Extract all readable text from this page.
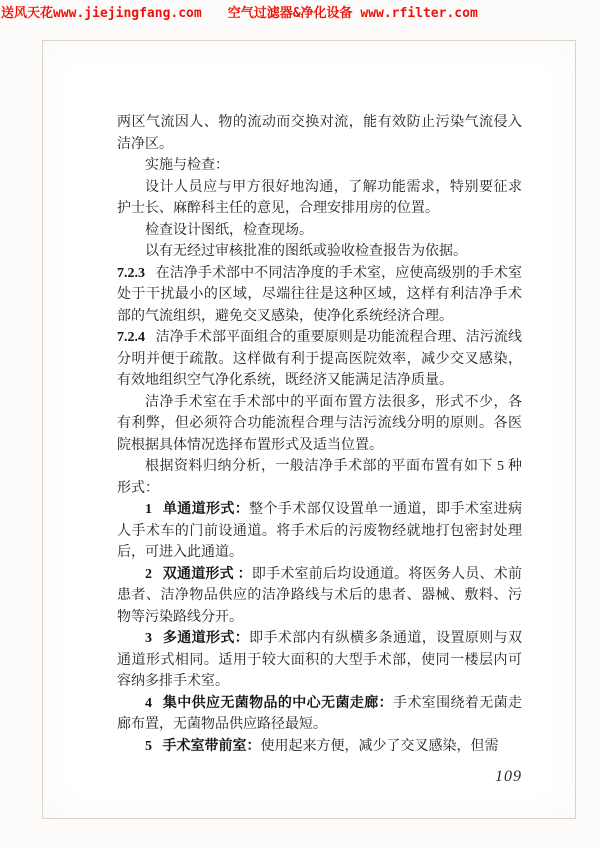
送风天花www.jiejingfang.com 空气过滤器&净化设备 www.rfilter.com

两区气流因人、物的流动而交换对流，能有效防止污染气流侵入洁净区。

实施与检查：

设计人员应与甲方很好地沟通，了解功能需求，特别要征求护士长、麻醉科主任的意见，合理安排用房的位置。

检查设计图纸，检查现场。

以有无经过审核批准的图纸或验收检查报告为依据。

7.2.3 在洁净手术部中不同洁净度的手术室，应使高级别的手术室处于干扰最小的区域，尽端往往是这种区域，这样有利洁净手术部的气流组织，避免交叉感染，使净化系统经济合理。

7.2.4 洁净手术部平面组合的重要原则是功能流程合理、洁污流线分明并便于疏散。这样做有利于提高医院效率，减少交叉感染，有效地组织空气净化系统，既经济又能满足洁净质量。

洁净手术室在手术部中的平面布置方法很多，形式不少，各有利弊，但必须符合功能流程合理与洁污流线分明的原则。各医院根据具体情况选择布置形式及适当位置。

根据资料归纳分析，一般洁净手术部的平面布置有如下 5 种形式：

1 单通道形式：整个手术部仅设置单一通道，即手术室进病人手术车的门前设通道。将手术后的污废物经就地打包密封处理后，可进入此通道。

2 双通道形式 ：即手术室前后均设通道。将医务人员、术前患者、洁净物品供应的洁净路线与术后的患者、器械、敷料、污物等污染路线分开。

3 多通道形式：即手术部内有纵横多条通道，设置原则与双通道形式相同。适用于较大面积的大型手术部，使同一楼层内可容纳多排手术室。

4 集中供应无菌物品的中心无菌走廊：手术室围绕着无菌走廊布置，无菌物品供应路径最短。

5 手术室带前室：使用起来方便，减少了交叉感染，但需

109
